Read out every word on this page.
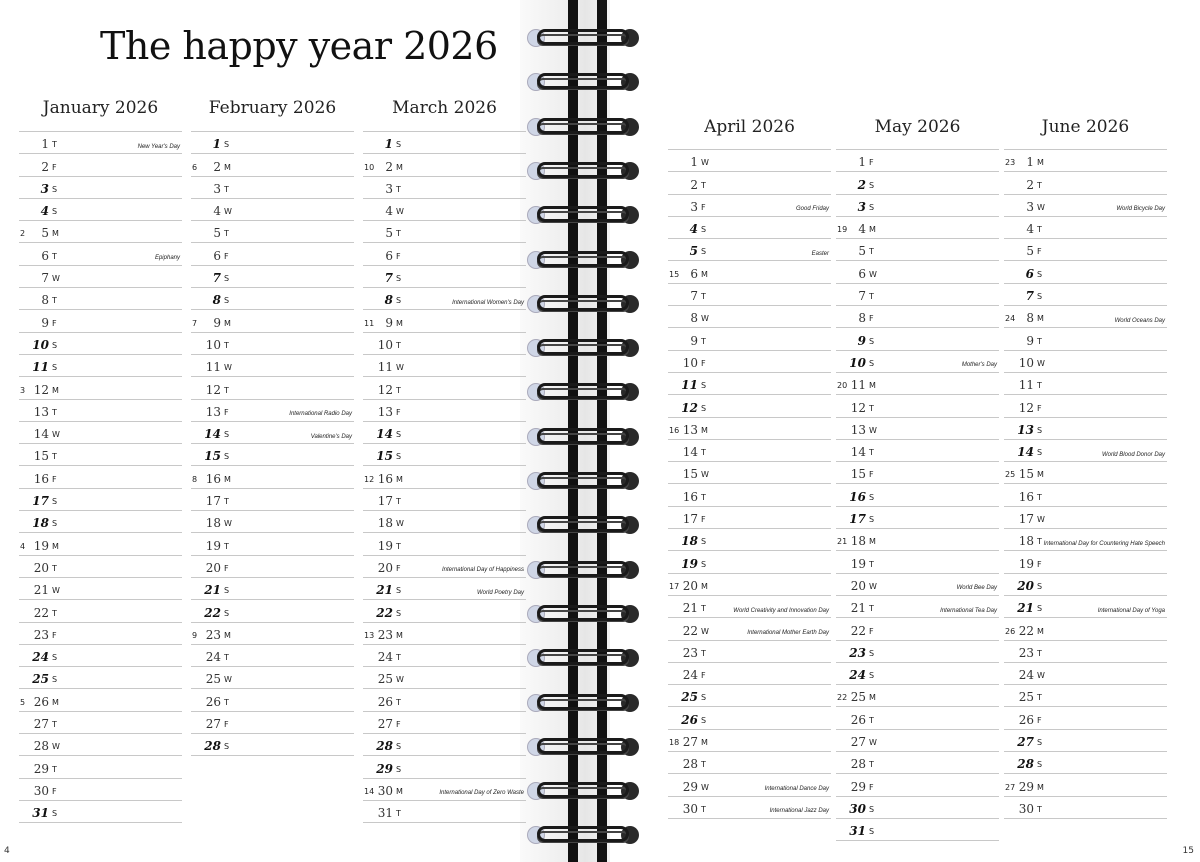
The happy year 2026
January 2026
1 T	New Year's Day
2 F
3 S
4 S
2	5 M
6 T	Epiphany
7 W
8 T
9 F
10 S
11 S
3 12 M
13 T
14 W
15 T
16 F
17 S
18 S
4 19 M
20 T
21 W
22 T
23 F
24 S
25 S
5 26 M
27 T
28 W
29 T
30 F
31 S
February 2026
1 S
6	2 M
3 T
4 W
5 T
6 F
7 S
8 S
7	9 M
10 T
11 W
12 T
13 F	International Radio Day
14 S	Valentine's Day
15 S
8 16 M
17 T
18 W
19 T
20 F
21 S
22 S
9 23 M
24 T
25 W
26 T
27 F
28 S
March 2026
1 S
10 2 M
3 T
4 W
5 T
6 F
7 S
8 S	International Women's Day
11 9 M
10 T
11 W
12 T
13 F
14 S
15 S
12 16 M
17 T
18 W
19 T
20 F	International Day of Happiness
21 S	World Poetry Day
22 S
13 23 M
24 T
25 W
26 T
27 F
28 S
29 S
14 30 M	International Day of Zero Waste
31 T
April 2026
1 W
2 T
3 F	Good Friday
4 S
5 S	Easter
15 6 M
7 T
8 W
9 T
10 F
11 S
12 S
16 13 M
14 T
15 W
16 T
17 F
18 S
19 S
17 20 M
21 T	World Creativity and Innovation Day
22 W	International Mother Earth Day
23 T
24 F
25 S
26 S
18 27 M
28 T
29 W	International Dance Day
30 T	International Jazz Day
May 2026
1 F
2 S
3 S
19 4 M
5 T
6 W
7 T
8 F
9 S
10 S	Mother's Day
20 11 M
12 T
13 W
14 T
15 F
16 S
17 S
21 18 M
19 T
20 W	World Bee Day
21 T	International Tea Day
22 F
23 S
24 S
22 25 M
26 T
27 W
28 T
29 F
30 S
31 S
June 2026
23 1 M
2 T
3 W	World Bicycle Day
4 T
5 F
6 S
7 S
24 8 M	World Oceans Day
9 T
10 W
11 T
12 F
13 S
14 S	World Blood Donor Day
25 15 M
16 T
17 W
18 T International Day for Countering Hate Speech
19 F
20 S
21 S	International Day of Yoga
26 22 M
23 T
24 W
25 T
26 F
27 S
28 S
27 29 M
30 T
4	15
